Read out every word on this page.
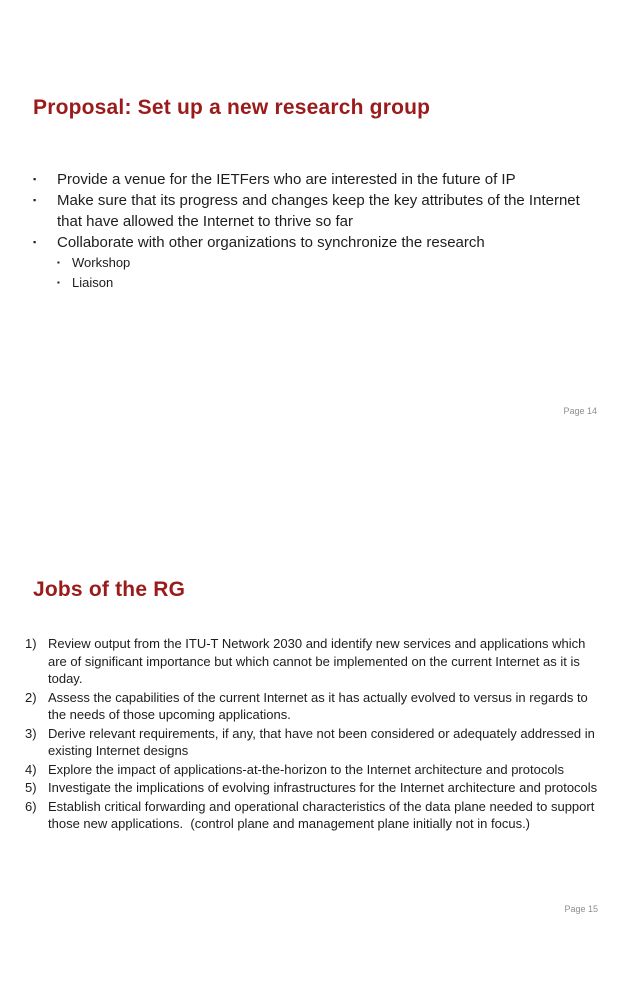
Proposal: Set up a new research group
▪	Provide a venue for the IETFers who are interested in the future of IP
▪	Make sure that its progress and changes keep the key attributes of the Internet that have allowed the Internet to thrive so far
▪	Collaborate with other organizations to synchronize the research
▪ Workshop
▪ Liaison
Page 14
Jobs of the RG
1) Review output from the ITU-T Network 2030 and identify new services and applications which are of significant importance but which cannot be implemented on the current Internet as it is today.
2) Assess the capabilities of the current Internet as it has actually evolved to versus in regards to the needs of those upcoming applications.
3) Derive relevant requirements, if any, that have not been considered or adequately addressed in existing Internet designs
4) Explore the impact of applications-at-the-horizon to the Internet architecture and protocols
5) Investigate the implications of evolving infrastructures for the Internet architecture and protocols
6) Establish critical forwarding and operational characteristics of the data plane needed to support those new applications.  (control plane and management plane initially not in focus.)
Page 15
